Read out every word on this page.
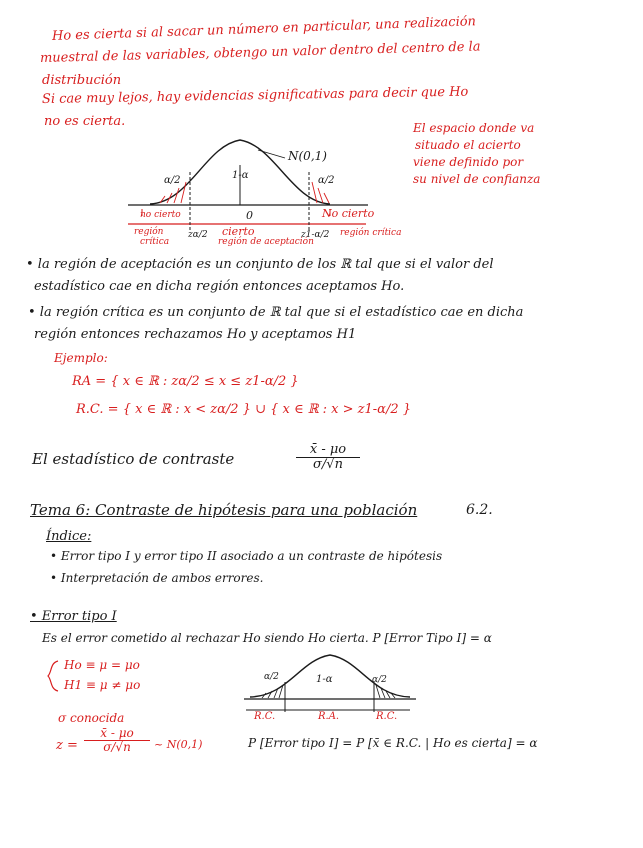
Ho es cierta si al sacar un número en particular, una realización
muestral de las variables, obtengo un valor dentro del centro de la
distribución
Si cae muy lejos, hay evidencias significativas para decir que Ho
no es cierta.	El espacio donde va
situado el acierto
viene definido por
su nivel de confianza
N(0,1)
α/2	1-α	α/2
0
no cierto	No cierto
región
crítica
zα/2 cierto
región de aceptación
z1-α/2 región crítica
• la región de aceptación es un conjunto de los ℝ tal que si el valor del
estadístico cae en dicha región entonces aceptamos Ho.
• la región crítica es un conjunto de ℝ tal que si el estadístico cae en dicha
región entonces rechazamos Ho y aceptamos H1
Ejemplo:
RA = { x ∈ ℝ : zα/2 ≤ x ≤ z1-α/2 }
R.C. = { x ∈ ℝ : x < zα/2 } ∪ { x ∈ ℝ : x > z1-α/2 }
El estadístico de contraste	$\frac{x̄ - \mu o}{\sigma/√n}$
Tema 6: Contraste de hipótesis para una población	6.2.
Índice:
• Error tipo I y error tipo II asociado a un contraste de hipótesis
• Interpretación de ambos errores.
• Error tipo I
Es el error cometido al rechazar Ho siendo Ho cierta. P [Error Tipo I] = α
Ho ≡ μ = μo
H1 ≡ μ ≠ μo
σ conocida
$z = \frac{x̄ - \mu o}{\sigma/√n}$ ~ N(0,1)
α/2	1-α	α/2
R.C.	R.A.	R.C.
P [Error tipo I] = P [x̄ ∈ R.C. | Ho es cierta] = α
